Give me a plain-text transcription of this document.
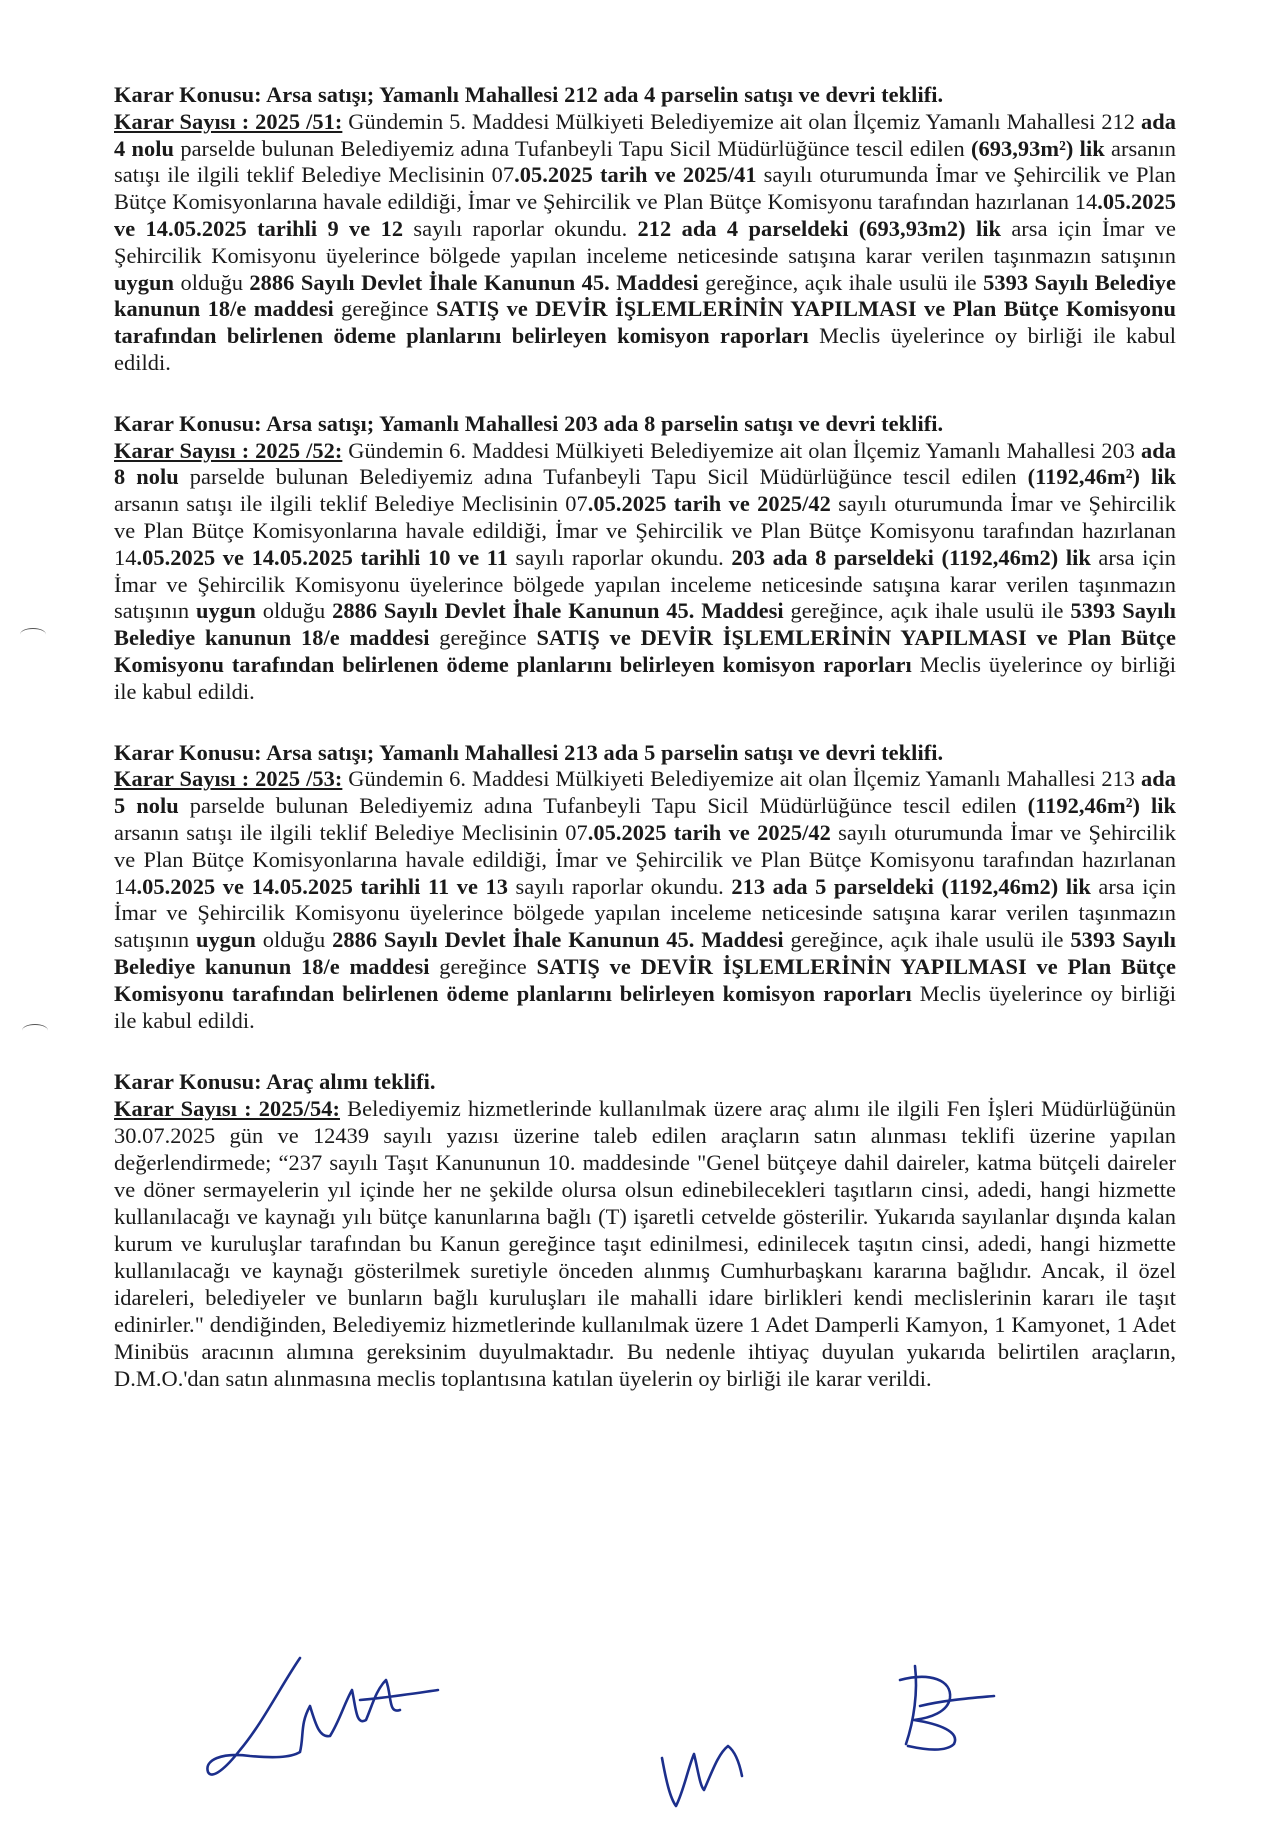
Karar Konusu: Arsa satışı; Yamanlı Mahallesi 212 ada 4 parselin satışı ve devri teklifi.
Karar Sayısı : 2025 /51: Gündemin 5. Maddesi Mülkiyeti Belediyemize ait olan İlçemiz Yamanlı Mahallesi 212 ada 4 nolu parselde bulunan Belediyemiz adına Tufanbeyli Tapu Sicil Müdürlüğünce tescil edilen (693,93m²) lik arsanın satışı ile ilgili teklif Belediye Meclisinin 07.05.2025 tarih ve 2025/41 sayılı oturumunda İmar ve Şehircilik ve Plan Bütçe Komisyonlarına havale edildiği, İmar ve Şehircilik ve Plan Bütçe Komisyonu tarafından hazırlanan 14.05.2025 ve 14.05.2025 tarihli 9 ve 12 sayılı raporlar okundu. 212 ada 4 parseldeki (693,93m2) lik arsa için İmar ve Şehircilik Komisyonu üyelerince bölgede yapılan inceleme neticesinde satışına karar verilen taşınmazın satışının uygun olduğu 2886 Sayılı Devlet İhale Kanunun 45. Maddesi gereğince, açık ihale usulü ile 5393 Sayılı Belediye kanunun 18/e maddesi gereğince SATIŞ ve DEVİR İŞLEMLERİNİN YAPILMASI ve Plan Bütçe Komisyonu tarafından belirlenen ödeme planlarını belirleyen komisyon raporları Meclis üyelerince oy birliği ile kabul edildi.

Karar Konusu: Arsa satışı; Yamanlı Mahallesi 203 ada 8 parselin satışı ve devri teklifi.
Karar Sayısı : 2025 /52: Gündemin 6. Maddesi Mülkiyeti Belediyemize ait olan İlçemiz Yamanlı Mahallesi 203 ada 8 nolu parselde bulunan Belediyemiz adına Tufanbeyli Tapu Sicil Müdürlüğünce tescil edilen (1192,46m²) lik arsanın satışı ile ilgili teklif Belediye Meclisinin 07.05.2025 tarih ve 2025/42 sayılı oturumunda İmar ve Şehircilik ve Plan Bütçe Komisyonlarına havale edildiği, İmar ve Şehircilik ve Plan Bütçe Komisyonu tarafından hazırlanan 14.05.2025 ve 14.05.2025 tarihli 10 ve 11 sayılı raporlar okundu. 203 ada 8 parseldeki (1192,46m2) lik arsa için İmar ve Şehircilik Komisyonu üyelerince bölgede yapılan inceleme neticesinde satışına karar verilen taşınmazın satışının uygun olduğu 2886 Sayılı Devlet İhale Kanunun 45. Maddesi gereğince, açık ihale usulü ile 5393 Sayılı Belediye kanunun 18/e maddesi gereğince SATIŞ ve DEVİR İŞLEMLERİNİN YAPILMASI ve Plan Bütçe Komisyonu tarafından belirlenen ödeme planlarını belirleyen komisyon raporları Meclis üyelerince oy birliği ile kabul edildi.

Karar Konusu: Arsa satışı; Yamanlı Mahallesi 213 ada 5 parselin satışı ve devri teklifi.
Karar Sayısı : 2025 /53: Gündemin 6. Maddesi Mülkiyeti Belediyemize ait olan İlçemiz Yamanlı Mahallesi 213 ada 5 nolu parselde bulunan Belediyemiz adına Tufanbeyli Tapu Sicil Müdürlüğünce tescil edilen (1192,46m²) lik arsanın satışı ile ilgili teklif Belediye Meclisinin 07.05.2025 tarih ve 2025/42 sayılı oturumunda İmar ve Şehircilik ve Plan Bütçe Komisyonlarına havale edildiği, İmar ve Şehircilik ve Plan Bütçe Komisyonu tarafından hazırlanan 14.05.2025 ve 14.05.2025 tarihli 11 ve 13 sayılı raporlar okundu. 213 ada 5 parseldeki (1192,46m2) lik arsa için İmar ve Şehircilik Komisyonu üyelerince bölgede yapılan inceleme neticesinde satışına karar verilen taşınmazın satışının uygun olduğu 2886 Sayılı Devlet İhale Kanunun 45. Maddesi gereğince, açık ihale usulü ile 5393 Sayılı Belediye kanunun 18/e maddesi gereğince SATIŞ ve DEVİR İŞLEMLERİNİN YAPILMASI ve Plan Bütçe Komisyonu tarafından belirlenen ödeme planlarını belirleyen komisyon raporları Meclis üyelerince oy birliği ile kabul edildi.

Karar Konusu: Araç alımı teklifi.
Karar Sayısı : 2025/54: Belediyemiz hizmetlerinde kullanılmak üzere araç alımı ile ilgili Fen İşleri Müdürlüğünün 30.07.2025 gün ve 12439 sayılı yazısı üzerine taleb edilen araçların satın alınması teklifi üzerine yapılan değerlendirmede; “237 sayılı Taşıt Kanununun 10. maddesinde "Genel bütçeye dahil daireler, katma bütçeli daireler ve döner sermayelerin yıl içinde her ne şekilde olursa olsun edinebilecekleri taşıtların cinsi, adedi, hangi hizmette kullanılacağı ve kaynağı yılı bütçe kanunlarına bağlı (T) işaretli cetvelde gösterilir. Yukarıda sayılanlar dışında kalan kurum ve kuruluşlar tarafından bu Kanun gereğince taşıt edinilmesi, edinilecek taşıtın cinsi, adedi, hangi hizmette kullanılacağı ve kaynağı gösterilmek suretiyle önceden alınmış Cumhurbaşkanı kararına bağlıdır. Ancak, il özel idareleri, belediyeler ve bunların bağlı kuruluşları ile mahalli idare birlikleri kendi meclislerinin kararı ile taşıt edinirler." dendiğinden, Belediyemiz hizmetlerinde kullanılmak üzere 1 Adet Damperli Kamyon, 1 Kamyonet, 1 Adet Minibüs aracının alımına gereksinim duyulmaktadır. Bu nedenle ihtiyaç duyulan yukarıda belirtilen araçların, D.M.O.'dan satın alınmasına meclis toplantısına katılan üyelerin oy birliği ile karar verildi.
